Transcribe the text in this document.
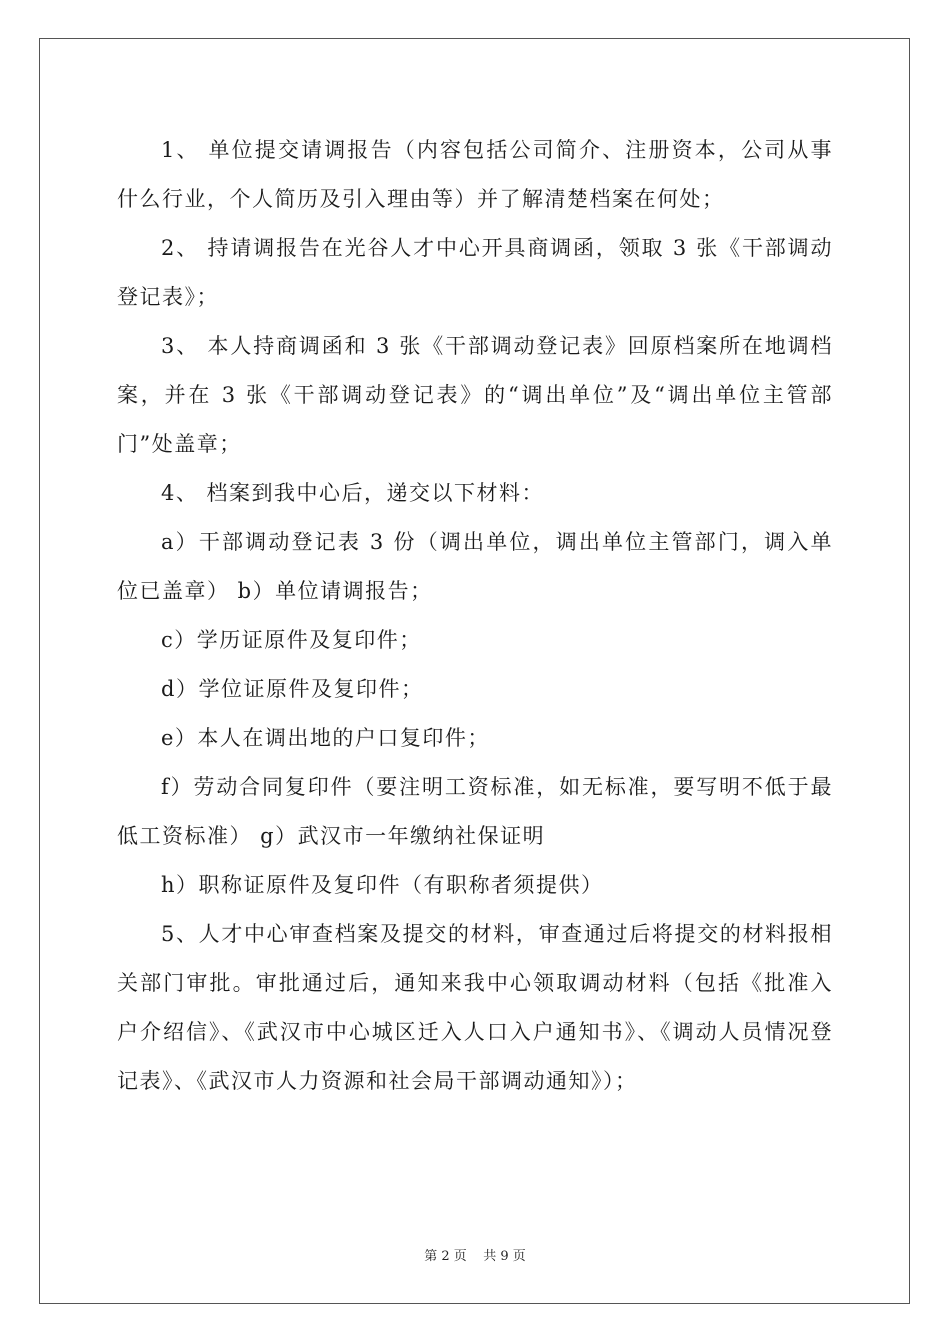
1、 单位提交请调报告（内容包括公司简介、注册资本，公司从事什么行业，个人简历及引入理由等）并了解清楚档案在何处；

2、 持请调报告在光谷人才中心开具商调函，领取 3 张《干部调动登记表》；

3、 本人持商调函和 3 张《干部调动登记表》回原档案所在地调档案，并在 3 张《干部调动登记表》的“调出单位”及“调出单位主管部门”处盖章；

4、 档案到我中心后，递交以下材料：

a）干部调动登记表 3 份（调出单位，调出单位主管部门，调入单位已盖章） b）单位请调报告；

c）学历证原件及复印件；

d）学位证原件及复印件；

e）本人在调出地的户口复印件；

f）劳动合同复印件（要注明工资标准，如无标准，要写明不低于最低工资标准） g）武汉市一年缴纳社保证明

h）职称证原件及复印件（有职称者须提供）

5、人才中心审查档案及提交的材料，审查通过后将提交的材料报相关部门审批。审批通过后，通知来我中心领取调动材料（包括《批准入户介绍信》、《武汉市中心城区迁入人口入户通知书》、《调动人员情况登记表》、《武汉市人力资源和社会局干部调动通知》）；

第 2 页    共 9 页
